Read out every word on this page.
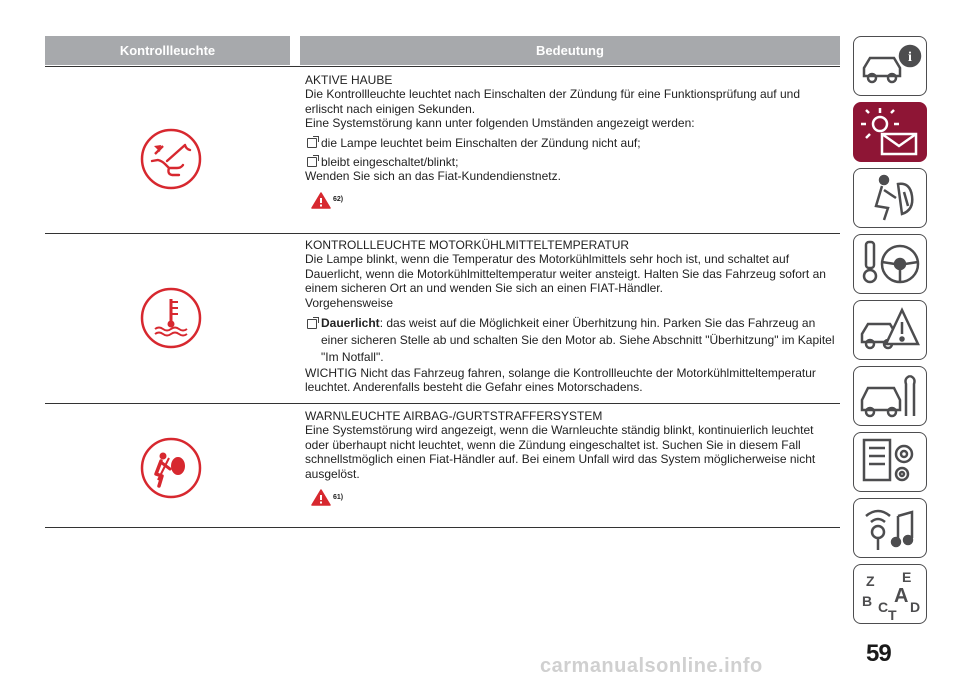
Kontrollleuchte	Bedeutung

AKTIVE HAUBE

Die Kontrollleuchte leuchtet nach Einschalten der Zündung für eine Funktionsprüfung auf und erlischt nach einigen Sekunden.

Eine Systemstörung kann unter folgenden Umständen angezeigt werden:

die Lampe leuchtet beim Einschalten der Zündung nicht auf;
bleibt eingeschaltet/blinkt;

Wenden Sie sich an das Fiat-Kundendienstnetz.

62)

KONTROLLLEUCHTE MOTORKÜHLMITTELTEMPERATUR

Die Lampe blinkt, wenn die Temperatur des Motorkühlmittels sehr hoch ist, und schaltet auf Dauerlicht, wenn die Motorkühlmitteltemperatur weiter ansteigt. Halten Sie das Fahrzeug sofort an einem sicheren Ort an und wenden Sie sich an einen FIAT-Händler.

Vorgehensweise

Dauerlicht: das weist auf die Möglichkeit einer Überhitzung hin. Parken Sie das Fahrzeug an einer sicheren Stelle ab und schalten Sie den Motor ab. Siehe Abschnitt "Überhitzung" im Kapitel "Im Notfall".

WICHTIG Nicht das Fahrzeug fahren, solange die Kontrollleuchte der Motorkühlmitteltemperatur leuchtet. Anderenfalls besteht die Gefahr eines Motorschadens.

WARN\LEUCHTE AIRBAG-/GURTSTRAFFERSYSTEM

Eine Systemstörung wird angezeigt, wenn die Warnleuchte ständig blinkt, kontinuierlich leuchtet oder überhaupt nicht leuchtet, wenn die Zündung eingeschaltet ist. Suchen Sie in diesem Fall schnellstmöglich einen Fiat-Händler auf. Bei einem Unfall wird das System möglicherweise nicht ausgelöst.

61)
i
Z E
B A
C D
T
59
carmanualsonline.info
